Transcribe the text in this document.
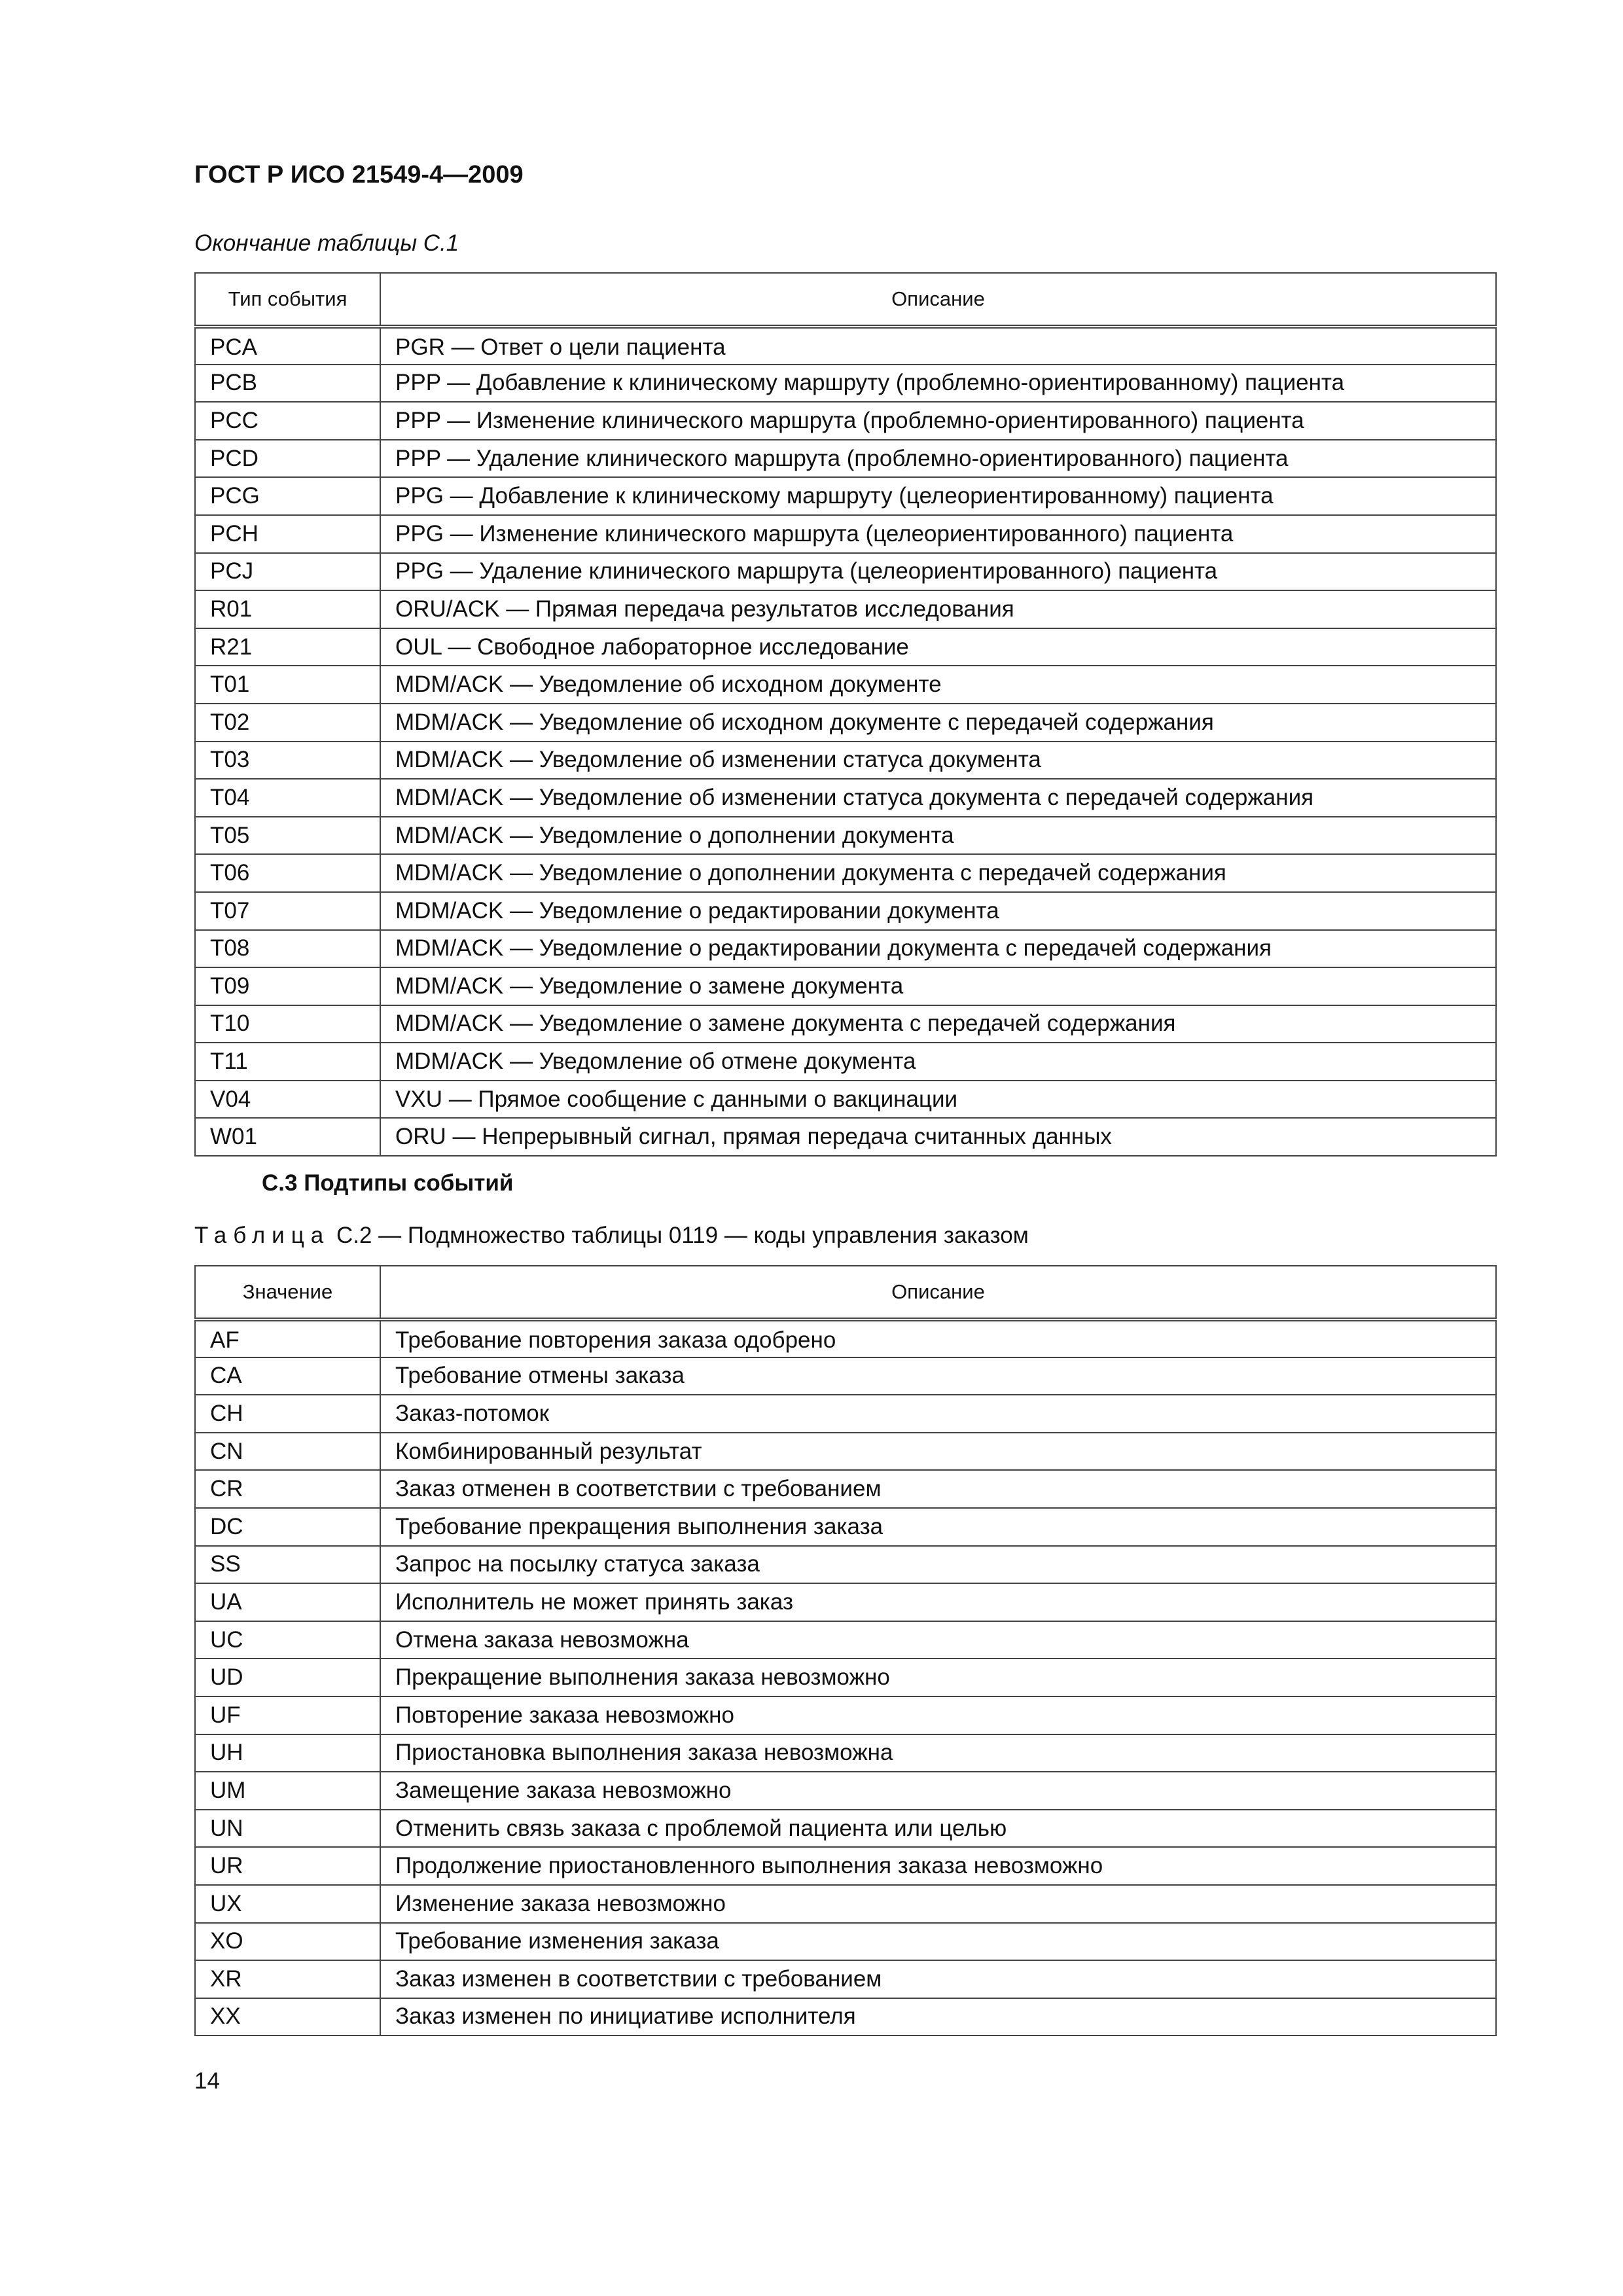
ГОСТ Р ИСО 21549-4—2009

Окончание таблицы С.1

Тип события	Описание
PCA	PGR — Ответ о цели пациента
PCB	PPP — Добавление к клиническому маршруту (проблемно-ориентированному) пациента
PCC	PPP — Изменение клинического маршрута (проблемно-ориентированного) пациента
PCD	PPP — Удаление клинического маршрута (проблемно-ориентированного) пациента
PCG	PPG — Добавление к клиническому маршруту (целеориентированному) пациента
PCH	PPG — Изменение клинического маршрута (целеориентированного) пациента
PCJ	PPG — Удаление клинического маршрута (целеориентированного) пациента
R01	ORU/ACK — Прямая передача результатов исследования
R21	OUL — Свободное лабораторное исследование
T01	MDM/ACK — Уведомление об исходном документе
T02	MDM/ACK — Уведомление об исходном документе с передачей содержания
T03	MDM/ACK — Уведомление об изменении статуса документа
T04	MDM/ACK — Уведомление об изменении статуса документа с передачей содержания
T05	MDM/ACK — Уведомление о дополнении документа
T06	MDM/ACK — Уведомление о дополнении документа с передачей содержания
T07	MDM/ACK — Уведомление о редактировании документа
T08	MDM/ACK — Уведомление о редактировании документа с передачей содержания
T09	MDM/ACK — Уведомление о замене документа
T10	MDM/ACK — Уведомление о замене документа с передачей содержания
T11	MDM/ACK — Уведомление об отмене документа
V04	VXU — Прямое сообщение с данными о вакцинации
W01	ORU — Непрерывный сигнал, прямая передача считанных данных
С.3 Подтипы событий

Таблица С.2 — Подмножество таблицы 0119 — коды управления заказом

Значение	Описание
AF	Требование повторения заказа одобрено
CA	Требование отмены заказа
CH	Заказ-потомок
CN	Комбинированный результат
CR	Заказ отменен в соответствии с требованием
DC	Требование прекращения выполнения заказа
SS	Запрос на посылку статуса заказа
UA	Исполнитель не может принять заказ
UC	Отмена заказа невозможна
UD	Прекращение выполнения заказа невозможно
UF	Повторение заказа невозможно
UH	Приостановка выполнения заказа невозможна
UM	Замещение заказа невозможно
UN	Отменить связь заказа с проблемой пациента или целью
UR	Продолжение приостановленного выполнения заказа невозможно
UX	Изменение заказа невозможно
XO	Требование изменения заказа
XR	Заказ изменен в соответствии с требованием
XX	Заказ изменен по инициативе исполнителя

14
